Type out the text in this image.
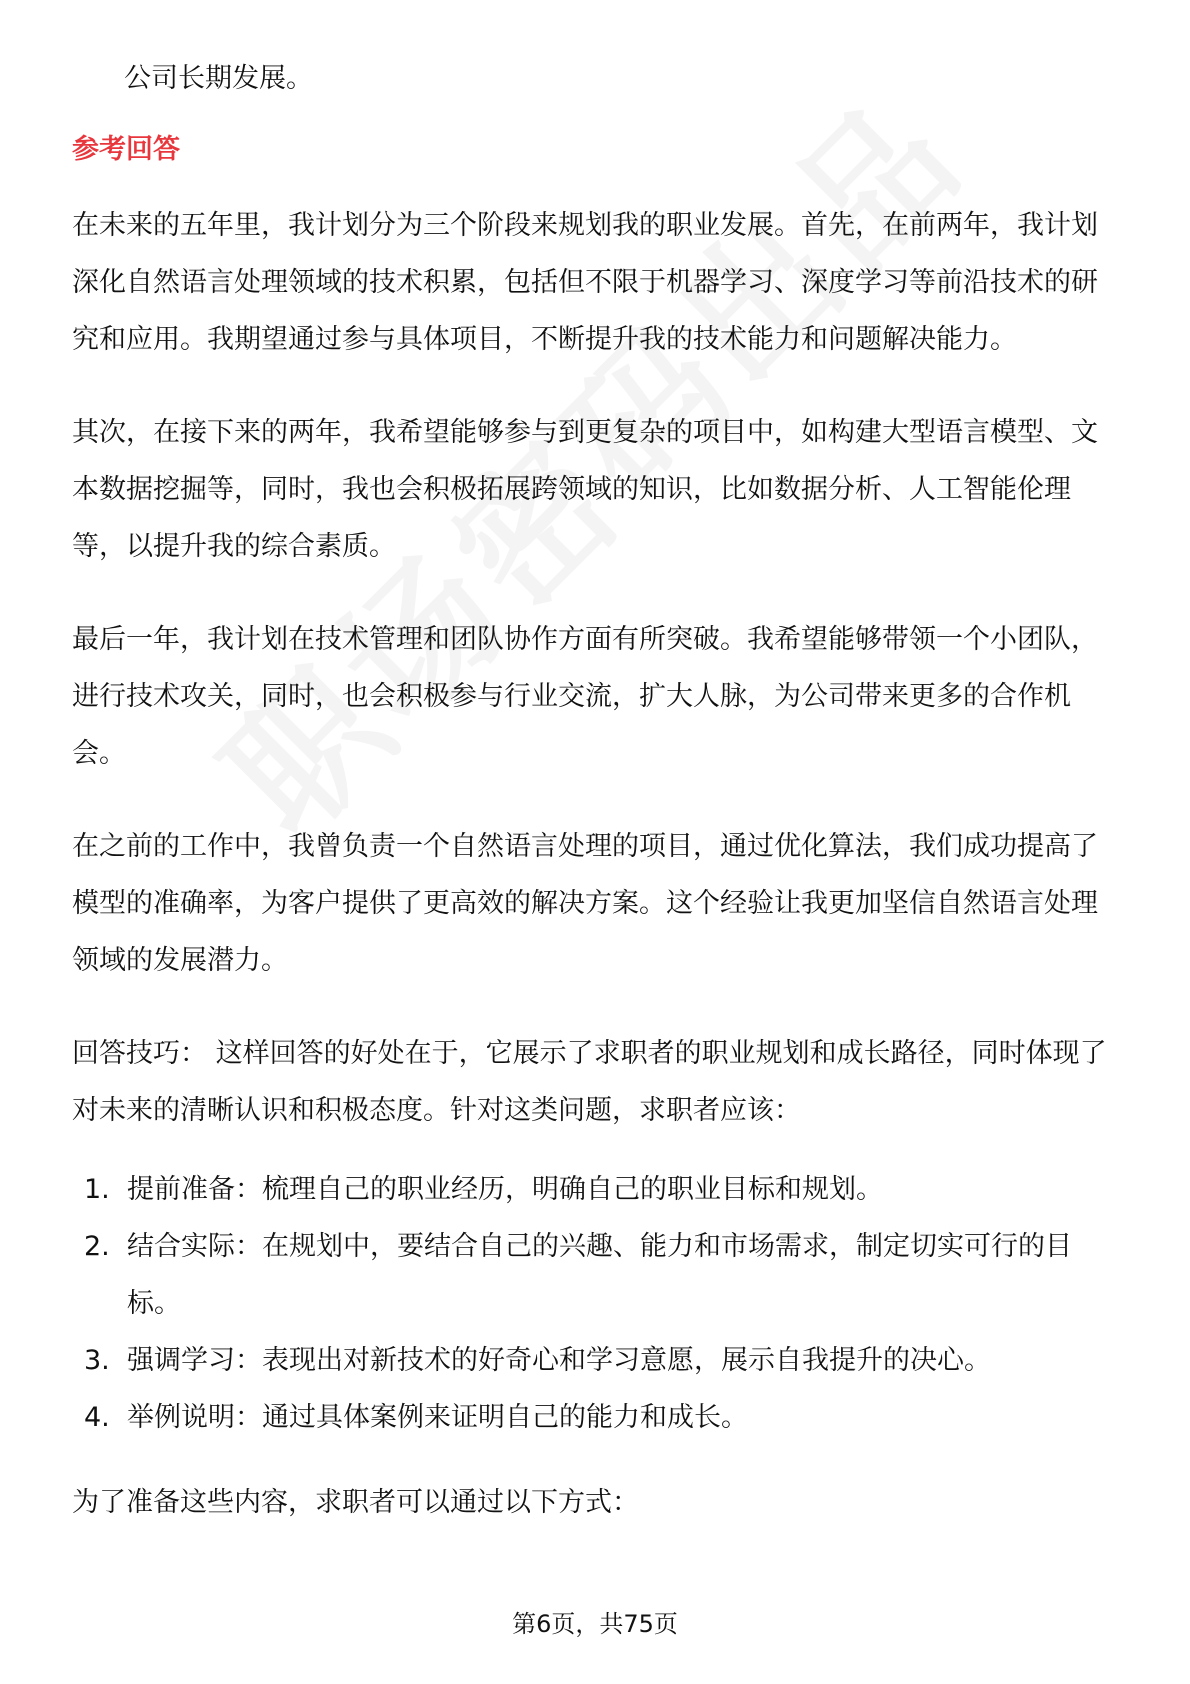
公司长期发展。

参考回答

在未来的五年里，我计划分为三个阶段来规划我的职业发展。首先，在前两年，我计划深化自然语言处理领域的技术积累，包括但不限于机器学习、深度学习等前沿技术的研究和应用。我期望通过参与具体项目，不断提升我的技术能力和问题解决能力。

其次，在接下来的两年，我希望能够参与到更复杂的项目中，如构建大型语言模型、文本数据挖掘等，同时，我也会积极拓展跨领域的知识，比如数据分析、人工智能伦理等，以提升我的综合素质。

最后一年，我计划在技术管理和团队协作方面有所突破。我希望能够带领一个小团队，进行技术攻关，同时，也会积极参与行业交流，扩大人脉，为公司带来更多的合作机会。

在之前的工作中，我曾负责一个自然语言处理的项目，通过优化算法，我们成功提高了模型的准确率，为客户提供了更高效的解决方案。这个经验让我更加坚信自然语言处理领域的发展潜力。

回答技巧： 这样回答的好处在于，它展示了求职者的职业规划和成长路径，同时体现了对未来的清晰认识和积极态度。针对这类问题，求职者应该：

1. 提前准备：梳理自己的职业经历，明确自己的职业目标和规划。
2. 结合实际：在规划中，要结合自己的兴趣、能力和市场需求，制定切实可行的目标。
3. 强调学习：表现出对新技术的好奇心和学习意愿，展示自我提升的决心。
4. 举例说明：通过具体案例来证明自己的能力和成长。

为了准备这些内容，求职者可以通过以下方式：

第6页，共75页
